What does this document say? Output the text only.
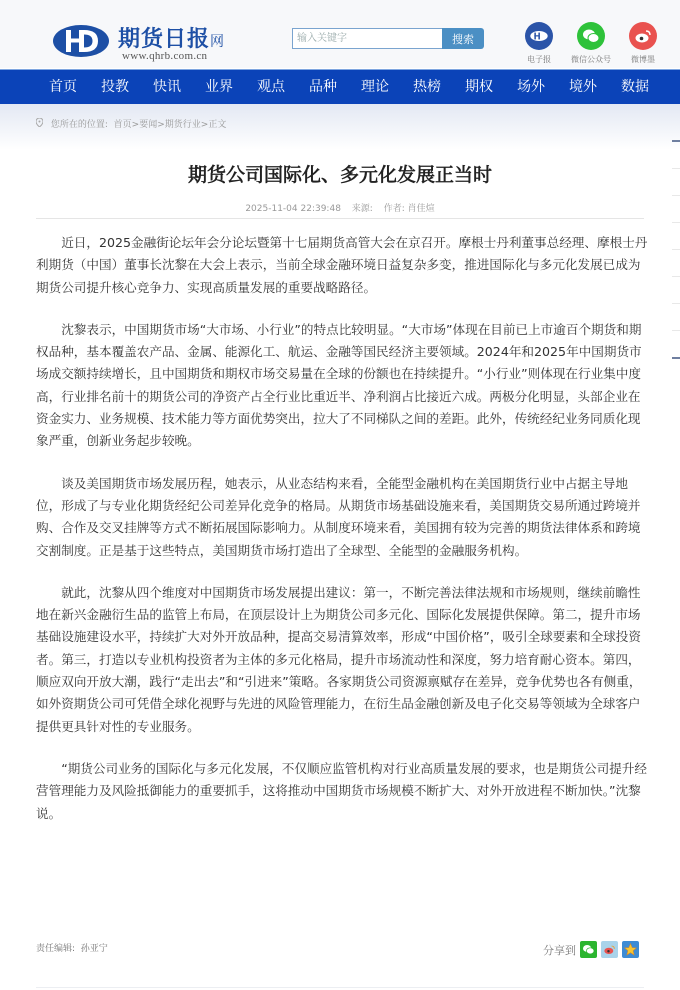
期货日报网
www.qhrb.com.cn
输入关键字
搜索
电子报	微信公众号	微博墨
首页 投教 快讯 业界 观点 品种 理论 热榜 期权 场外 境外 数据
您所在的位置: 首页>要闻>期货行业>正文
期货公司国际化、多元化发展正当时
2025-11-04 22:39:48 来源: 作者: 肖佳煊

近日，2025金融街论坛年会分论坛暨第十七届期货高管大会在京召开。摩根士丹利董事总经理、摩根士丹利期货（中国）董事长沈黎在大会上表示，当前全球金融环境日益复杂多变，推进国际化与多元化发展已成为期货公司提升核心竞争力、实现高质量发展的重要战略路径。

沈黎表示，中国期货市场“大市场、小行业”的特点比较明显。“大市场”体现在目前已上市逾百个期货和期权品种，基本覆盖农产品、金属、能源化工、航运、金融等国民经济主要领域。2024年和2025年中国期货市场成交额持续增长，且中国期货和期权市场交易量在全球的份额也在持续提升。“小行业”则体现在行业集中度高，行业排名前十的期货公司的净资产占全行业比重近半、净利润占比接近六成。两极分化明显，头部企业在资金实力、业务规模、技术能力等方面优势突出，拉大了不同梯队之间的差距。此外，传统经纪业务同质化现象严重，创新业务起步较晚。

谈及美国期货市场发展历程，她表示，从业态结构来看，全能型金融机构在美国期货行业中占据主导地位，形成了与专业化期货经纪公司差异化竞争的格局。从期货市场基础设施来看，美国期货交易所通过跨境并购、合作及交叉挂牌等方式不断拓展国际影响力。从制度环境来看，美国拥有较为完善的期货法律体系和跨境交割制度。正是基于这些特点，美国期货市场打造出了全球型、全能型的金融服务机构。

就此，沈黎从四个维度对中国期货市场发展提出建议：第一，不断完善法律法规和市场规则，继续前瞻性地在新兴金融衍生品的监管上布局，在顶层设计上为期货公司多元化、国际化发展提供保障。第二，提升市场基础设施建设水平，持续扩大对外开放品种，提高交易清算效率，形成“中国价格”，吸引全球要素和全球投资者。第三，打造以专业机构投资者为主体的多元化格局，提升市场流动性和深度，努力培育耐心资本。第四，顺应双向开放大潮，践行“走出去”和“引进来”策略。各家期货公司资源禀赋存在差异，竞争优势也各有侧重，如外资期货公司可凭借全球化视野与先进的风险管理能力，在衍生品金融创新及电子化交易等领域为全球客户提供更具针对性的专业服务。

“期货公司业务的国际化与多元化发展，不仅顺应监管机构对行业高质量发展的要求，也是期货公司提升经营管理能力及风险抵御能力的重要抓手，这将推动中国期货市场规模不断扩大、对外开放进程不断加快。”沈黎说。

责任编辑: 孙亚宁	分享到
